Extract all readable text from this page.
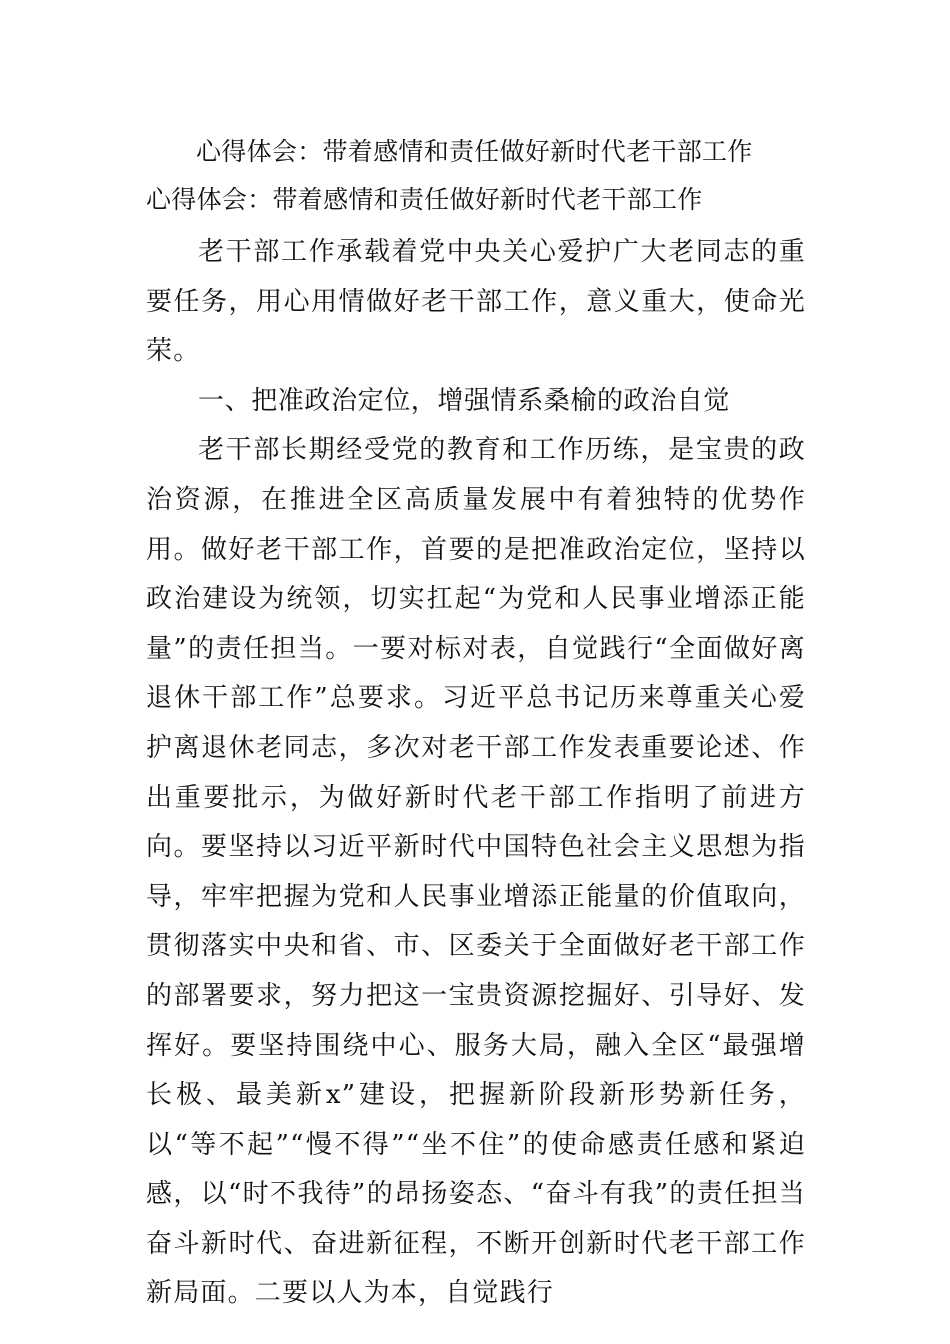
心得体会：带着感情和责任做好新时代老干部工作
心得体会：带着感情和责任做好新时代老干部工作

老干部工作承载着党中央关心爱护广大老同志的重要任务，用心用情做好老干部工作，意义重大，使命光荣。

一、把准政治定位，增强情系桑榆的政治自觉

老干部长期经受党的教育和工作历练，是宝贵的政治资源，在推进全区高质量发展中有着独特的优势作用。做好老干部工作，首要的是把准政治定位，坚持以政治建设为统领，切实扛起“为党和人民事业增添正能量”的责任担当。一要对标对表，自觉践行“全面做好离退休干部工作”总要求。习近平总书记历来尊重关心爱护离退休老同志，多次对老干部工作发表重要论述、作出重要批示，为做好新时代老干部工作指明了前进方向。要坚持以习近平新时代中国特色社会主义思想为指导，牢牢把握为党和人民事业增添正能量的价值取向，贯彻落实中央和省、市、区委关于全面做好老干部工作的部署要求，努力把这一宝贵资源挖掘好、引导好、发挥好。要坚持围绕中心、服务大局，融入全区“最强增长极、最美新x”建设，把握新阶段新形势新任务，以“等不起”“慢不得”“坐不住”的使命感责任感和紧迫感，以“时不我待”的昂扬姿态、“奋斗有我”的责任担当奋斗新时代、奋进新征程，不断开创新时代老干部工作新局面。二要以人为本，自觉践行
